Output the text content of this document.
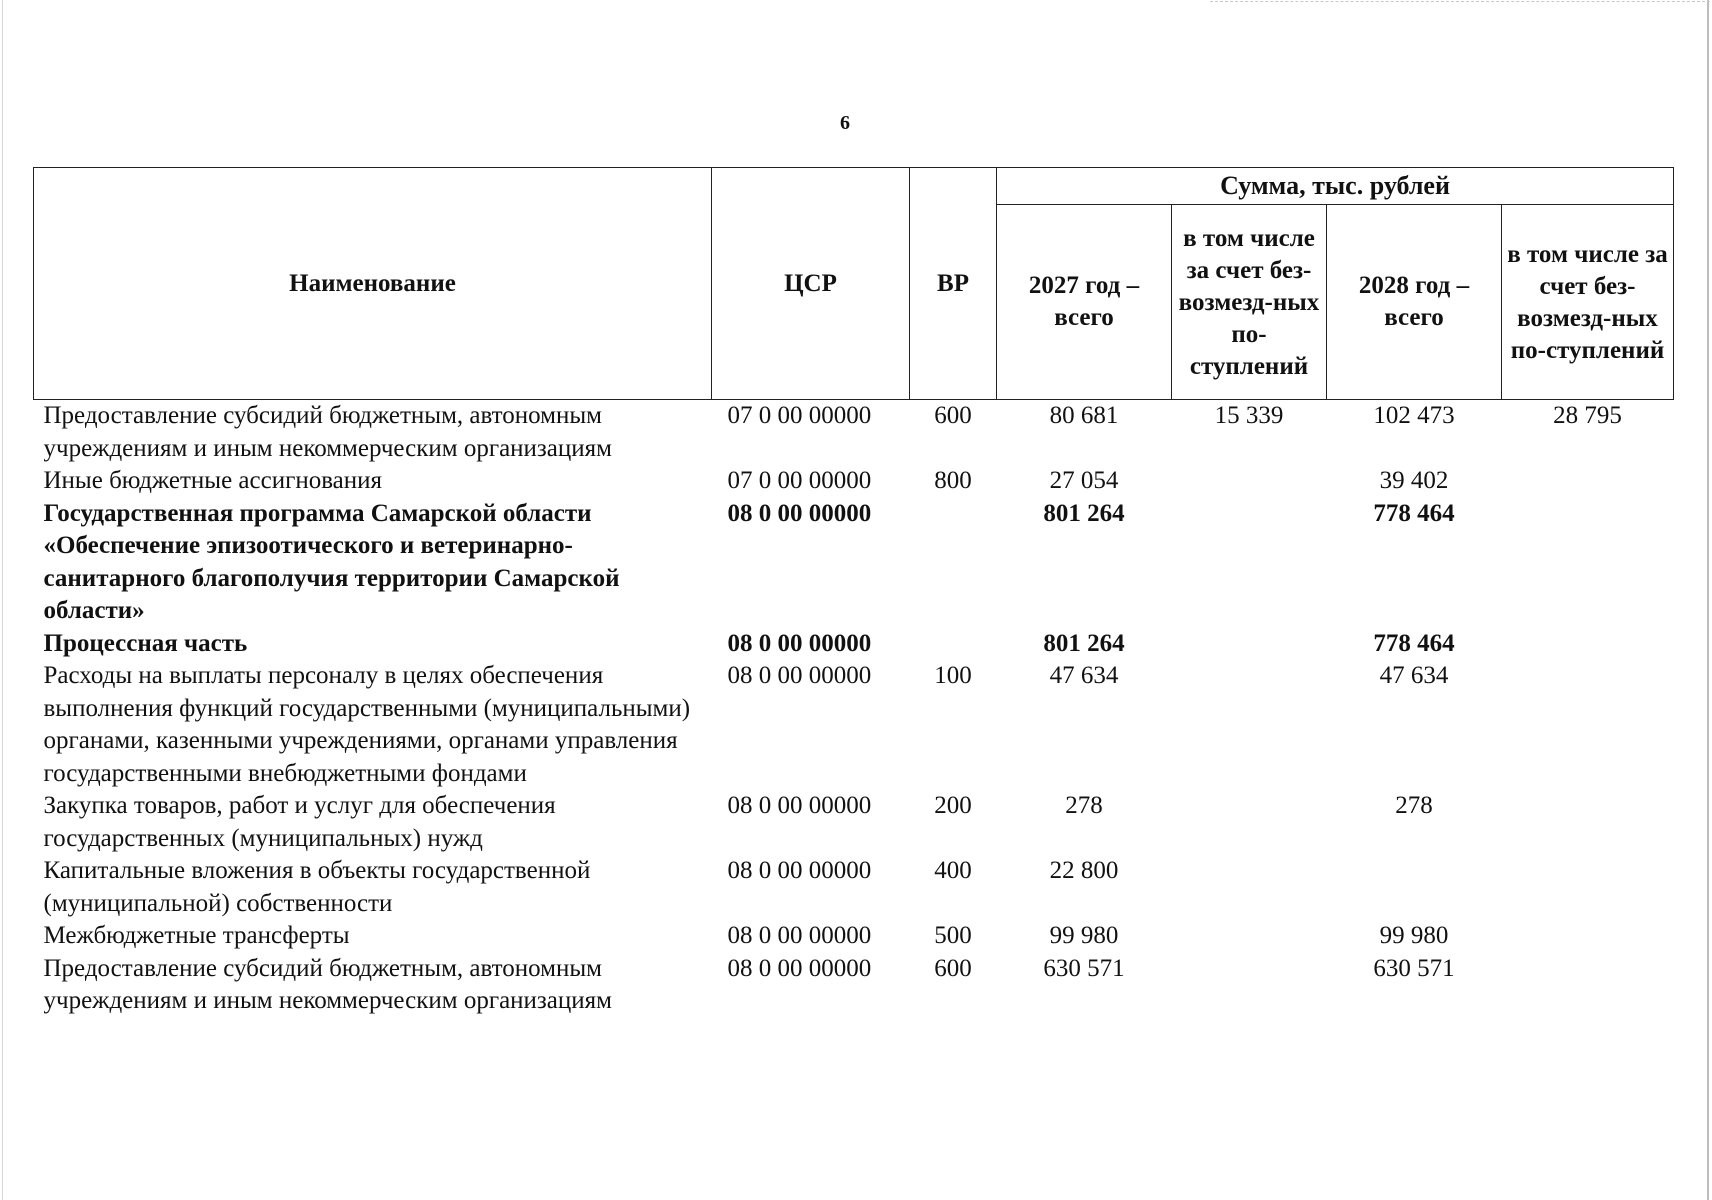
6
Наименование	ЦСР	ВР	Сумма, тыс. рублей			
			2027 год – всего	в том числе за счет без-возмезд-ных по-ступлений	2028 год – всего	в том числе за счет без-возмезд-ных по-ступлений
Предоставление субсидий бюджетным, автономным учреждениям и иным некоммерческим организациям	07 0 00 00000	600	80 681	15 339	102 473	28 795
Иные бюджетные ассигнования	07 0 00 00000	800	27 054		39 402	
Государственная программа Самарской области «Обеспечение эпизоотического и ветеринарно-санитарного благополучия территории Самарской области»	08 0 00 00000		801 264		778 464	
Процессная часть	08 0 00 00000		801 264		778 464	
Расходы на выплаты персоналу в целях обеспечения выполнения функций государственными (муниципальными) органами, казенными учреждениями, органами управления государственными внебюджетными фондами	08 0 00 00000	100	47 634		47 634	
Закупка товаров, работ и услуг для обеспечения государственных (муниципальных) нужд	08 0 00 00000	200	278		278	
Капитальные вложения в объекты государственной (муниципальной) собственности	08 0 00 00000	400	22 800			
Межбюджетные трансферты	08 0 00 00000	500	99 980		99 980	
Предоставление субсидий бюджетным, автономным учреждениям и иным некоммерческим организациям	08 0 00 00000	600	630 571		630 571	
